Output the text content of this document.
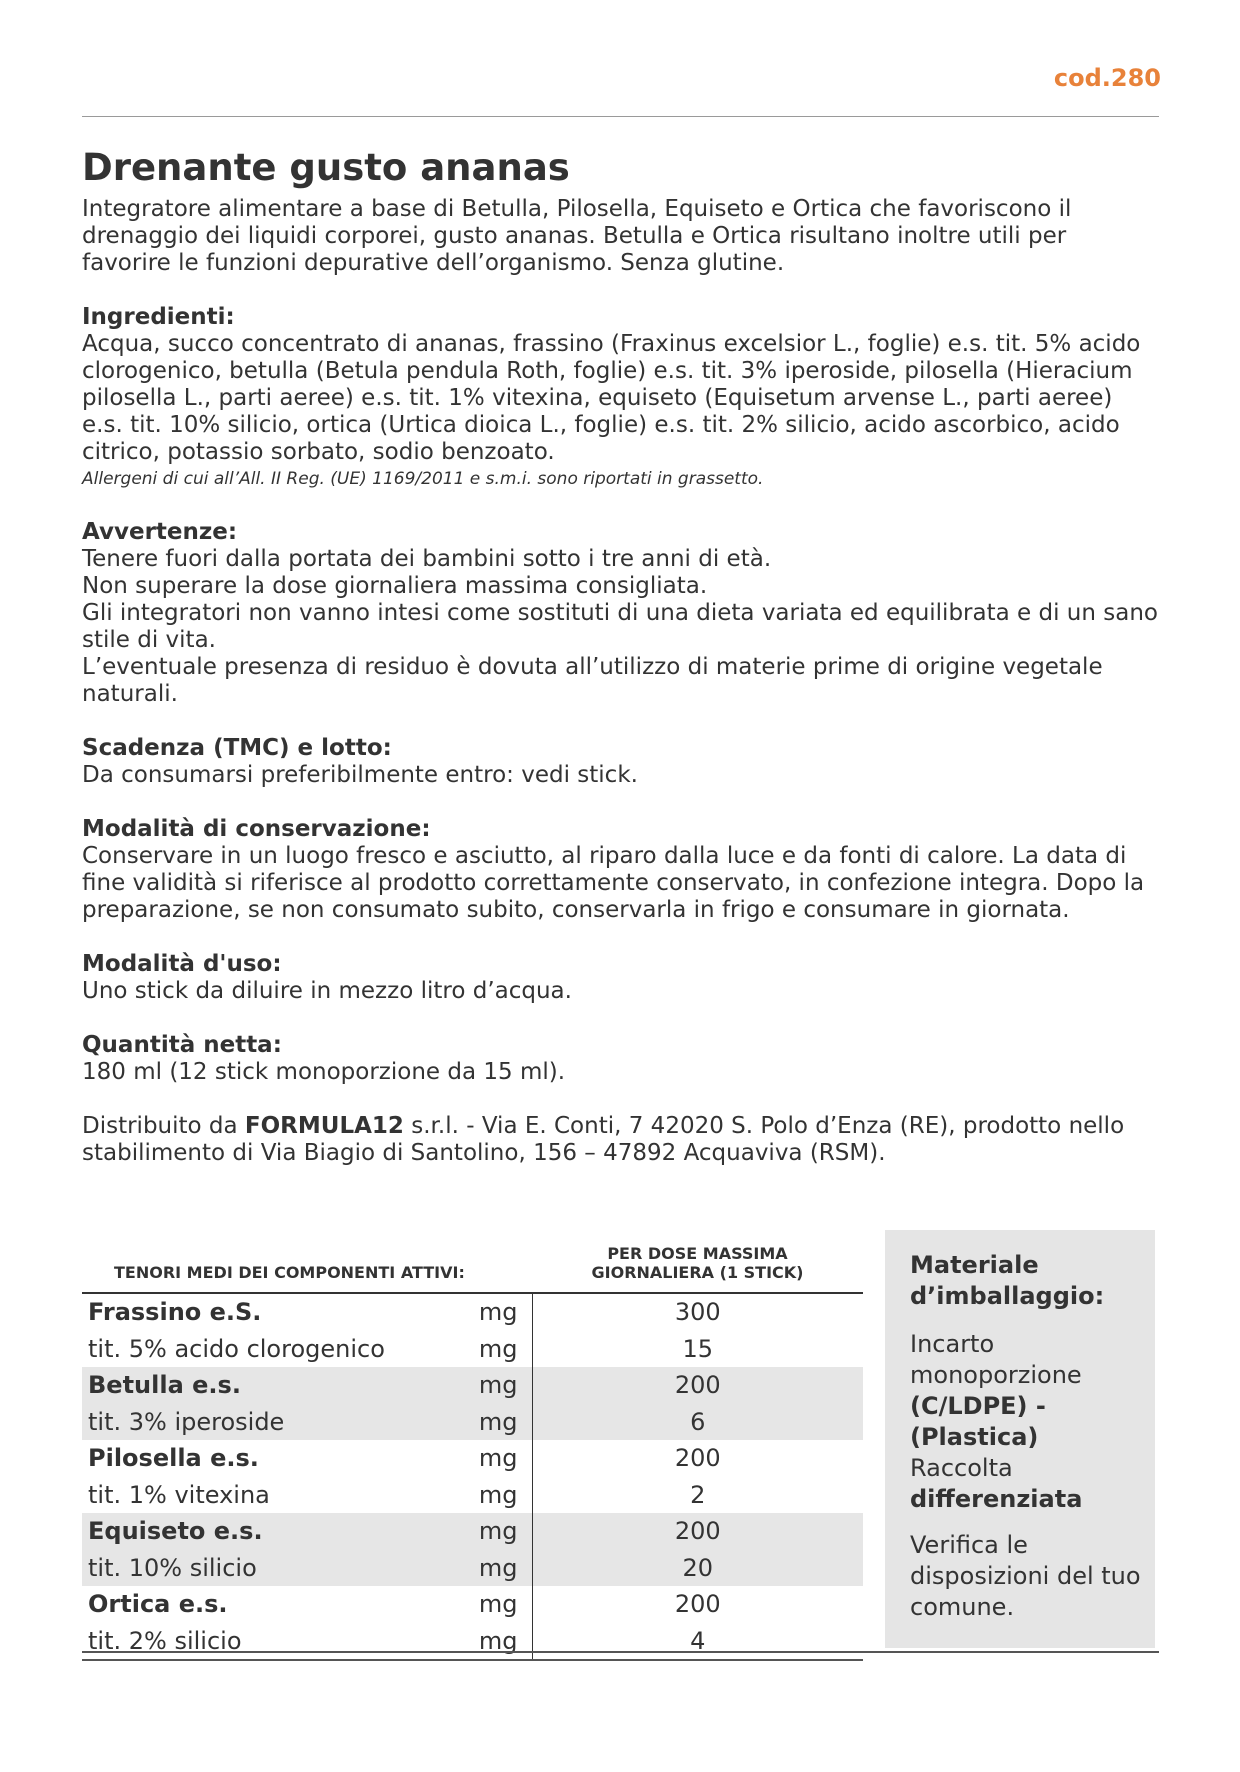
cod.280
Drenante gusto ananas

Integratore alimentare a base di Betulla, Pilosella, Equiseto e Ortica che favoriscono il drenaggio dei liquidi corporei, gusto ananas. Betulla e Ortica risultano inoltre utili per favorire le funzioni depurative dell’organismo. Senza glutine.

Ingredienti:

Acqua, succo concentrato di ananas, frassino (Fraxinus excelsior L., foglie) e.s. tit. 5% acido clorogenico, betulla (Betula pendula Roth, foglie) e.s. tit. 3% iperoside, pilosella (Hieracium pilosella L., parti aeree) e.s. tit. 1% vitexina, equiseto (Equisetum arvense L., parti aeree) e.s. tit. 10% silicio, ortica (Urtica dioica L., foglie) e.s. tit. 2% silicio, acido ascorbico, acido citrico, potassio sorbato, sodio benzoato.

Allergeni di cui all’All. II Reg. (UE) 1169/2011 e s.m.i. sono riportati in grassetto.

Avvertenze:

Tenere fuori dalla portata dei bambini sotto i tre anni di età.

Non superare la dose giornaliera massima consigliata.

Gli integratori non vanno intesi come sostituti di una dieta variata ed equilibrata e di un sano stile di vita.

L’eventuale presenza di residuo è dovuta all’utilizzo di materie prime di origine vegetale naturali.

Scadenza (TMC) e lotto:

Da consumarsi preferibilmente entro: vedi stick.

Modalità di conservazione:

Conservare in un luogo fresco e asciutto, al riparo dalla luce e da fonti di calore. La data di fine validità si riferisce al prodotto correttamente conservato, in confezione integra. Dopo la preparazione, se non consumato subito, conservarla in frigo e consumare in giornata.

Modalità d'uso:

Uno stick da diluire in mezzo litro d’acqua.

Quantità netta:

180 ml (12 stick monoporzione da 15 ml).

Distribuito da FORMULA12 s.r.l. - Via E. Conti, 7 42020 S. Polo d’Enza (RE), prodotto nello stabilimento di Via Biagio di Santolino, 156 – 47892 Acquaviva (RSM).

TENORI MEDI DEI COMPONENTI ATTIVI:		PER DOSE MASSIMA
GIORNALIERA (1 STICK)
Frassino e.S.	mg	300
tit. 5% acido clorogenico	mg	15
Betulla e.s.	mg	200
tit. 3% iperoside	mg	6
Pilosella e.s.	mg	200
tit. 1% vitexina	mg	2
Equiseto e.s.	mg	200
tit. 10% silicio	mg	20
Ortica e.s.	mg	200
tit. 2% silicio	mg	4
Materiale d’imballaggio:
Incarto monoporzione
(C/LDPE) - (Plastica)
Raccolta
differenziata
Verifica le disposizioni del tuo comune.
